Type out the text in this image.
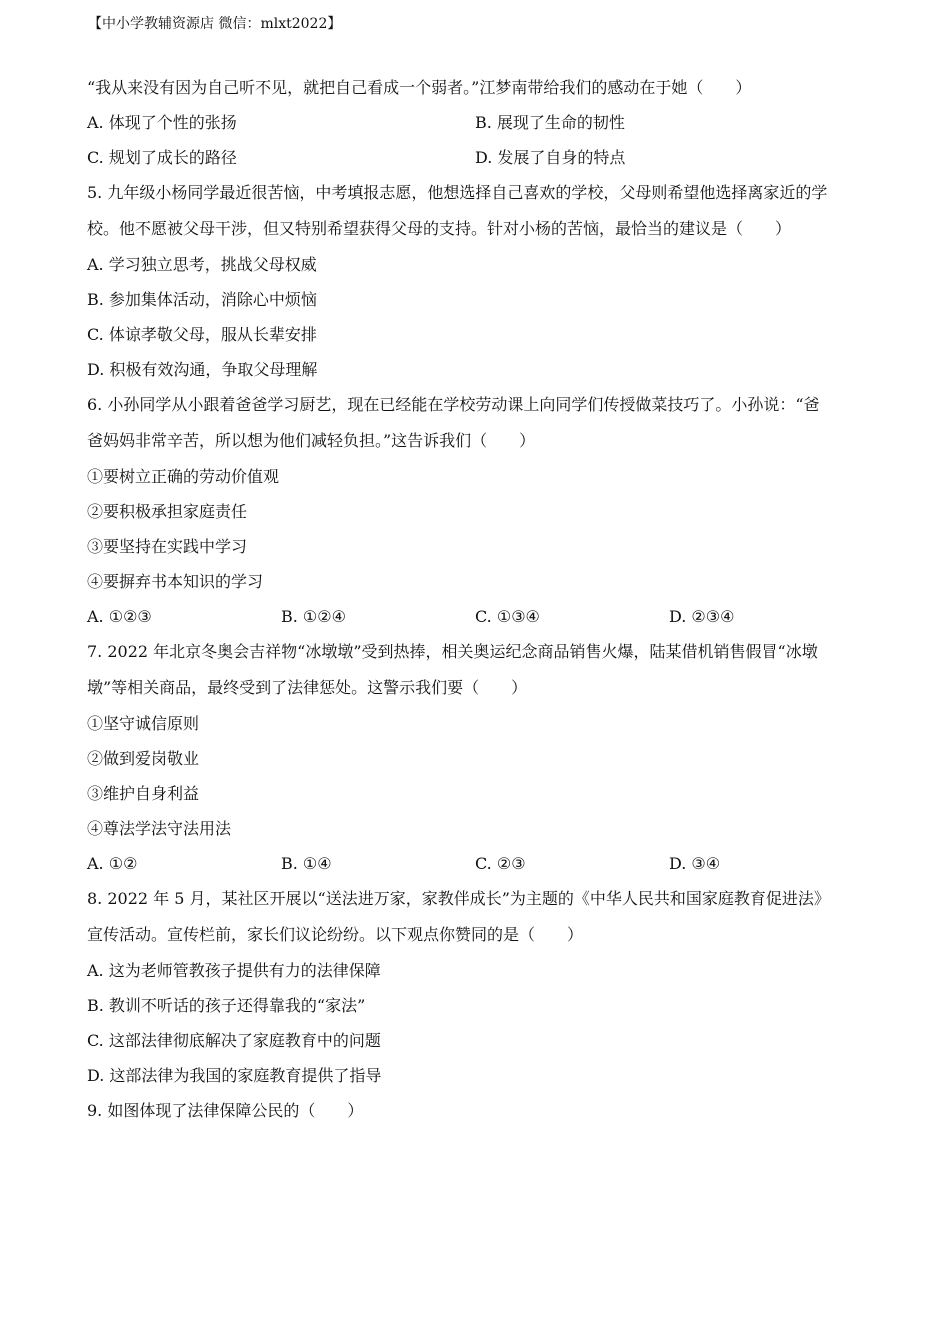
【中小学教辅资源店 微信：mlxt2022】
“我从来没有因为自己听不见，就把自己看成一个弱者。”江梦南带给我们的感动在于她（　　）
A. 体现了个性的张扬	B. 展现了生命的韧性
C. 规划了成长的路径	D. 发展了自身的特点
5. 九年级小杨同学最近很苦恼，中考填报志愿，他想选择自己喜欢的学校，父母则希望他选择离家近的学
校。他不愿被父母干涉，但又特别希望获得父母的支持。针对小杨的苦恼，最恰当的建议是（　　）
A. 学习独立思考，挑战父母权威
B. 参加集体活动，消除心中烦恼
C. 体谅孝敬父母，服从长辈安排
D. 积极有效沟通，争取父母理解
6. 小孙同学从小跟着爸爸学习厨艺，现在已经能在学校劳动课上向同学们传授做菜技巧了。小孙说：“爸
爸妈妈非常辛苦，所以想为他们减轻负担。”这告诉我们（　　）
①要树立正确的劳动价值观
②要积极承担家庭责任
③要坚持在实践中学习
④要摒弃书本知识的学习
A. ①②③	B. ①②④	C. ①③④	D. ②③④
7. 2022 年北京冬奥会吉祥物“冰墩墩”受到热捧，相关奥运纪念商品销售火爆，陆某借机销售假冒“冰墩
墩”等相关商品，最终受到了法律惩处。这警示我们要（　　）
①坚守诚信原则
②做到爱岗敬业
③维护自身利益
④尊法学法守法用法
A. ①②	B. ①④	C. ②③	D. ③④
8. 2022 年 5 月，某社区开展以“送法进万家，家教伴成长”为主题的《中华人民共和国家庭教育促进法》
宣传活动。宣传栏前，家长们议论纷纷。以下观点你赞同的是（　　）
A. 这为老师管教孩子提供有力的法律保障
B. 教训不听话的孩子还得靠我的“家法”
C. 这部法律彻底解决了家庭教育中的问题
D. 这部法律为我国的家庭教育提供了指导
9. 如图体现了法律保障公民的（　　）
